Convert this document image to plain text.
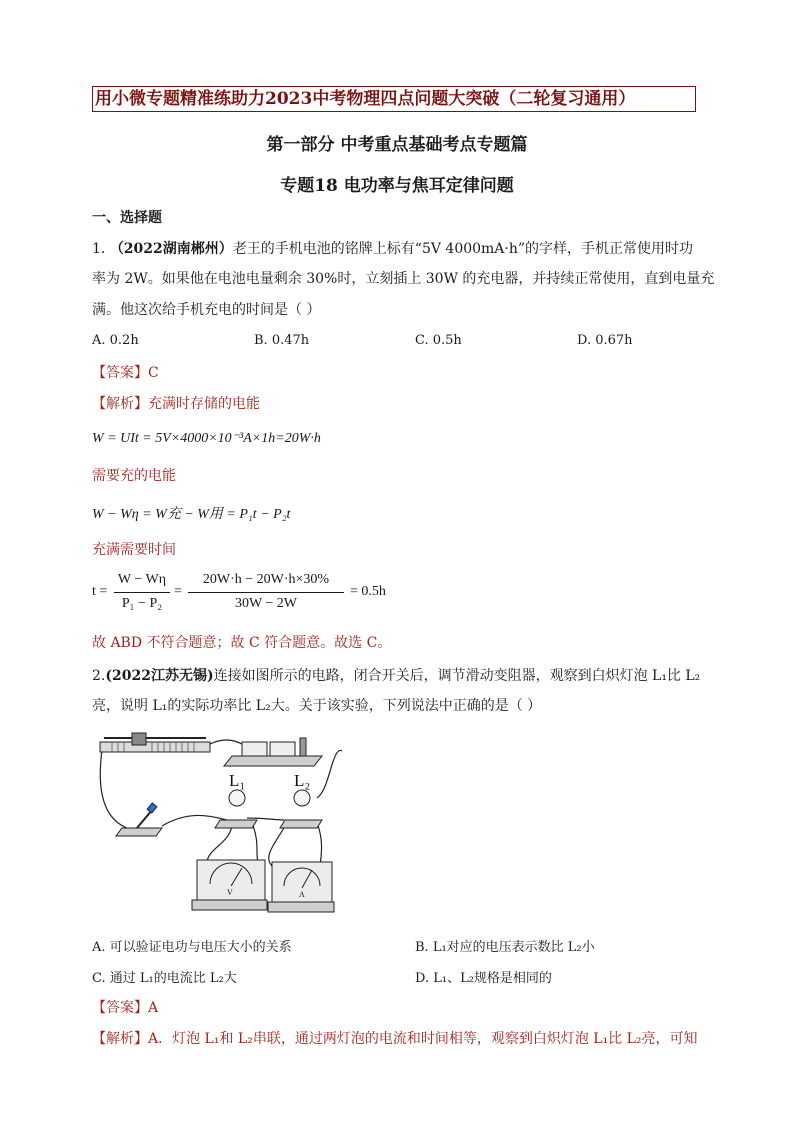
用小微专题精准练助力2023中考物理四点问题大突破（二轮复习通用）
第一部分 中考重点基础考点专题篇
专题18 电功率与焦耳定律问题
一、选择题
1. （2022湖南郴州）老王的手机电池的铭牌上标有“5V 4000mA·h”的字样，手机正常使用时功
率为 2W。如果他在电池电量剩余 30%时，立刻插上 30W 的充电器，并持续正常使用，直到电量充
满。他这次给手机充电的时间是（ ）
A. 0.2h	B. 0.47h	C. 0.5h	D. 0.67h
【答案】C
【解析】充满时存储的电能
W = UIt = 5V×4000×10⁻³A×1h=20W·h
需要充的电能
W − Wη = W充 − W用 = P₁t − P₂t
充满需要时间
t =
W − Wη
P₁ − P₂
=
20W·h − 20W·h×30%
30W − 2W
= 0.5h
故 ABD 不符合题意；故 C 符合题意。故选 C。
2.(2022江苏无锡)连接如图所示的电路，闭合开关后，调节滑动变阻器，观察到白炽灯泡 L₁比 L₂
亮，说明 L₁的实际功率比 L₂大。关于该实验，下列说法中正确的是（ ）
L₁	L₂
V	A
A. 可以验证电功与电压大小的关系	B. L₁对应的电压表示数比 L₂小
C. 通过 L₁的电流比 L₂大	D. L₁、L₂规格是相同的
【答案】A
【解析】A．灯泡 L₁和 L₂串联，通过两灯泡的电流和时间相等，观察到白炽灯泡 L₁比 L₂亮，可知
